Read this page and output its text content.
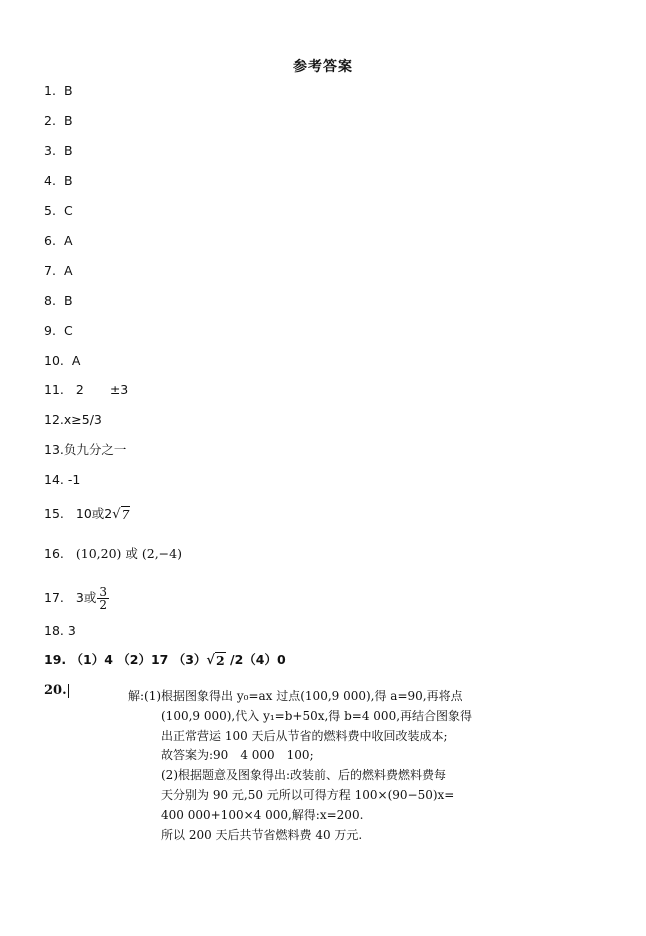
参考答案
1. B
2. B
3. B
4. B
5. C
6. A
7. A
8. B
9. C
10. A
11. 2 ±3
12.x≥5/3
13.负九分之一
14. -1
15. 10或2 √ 7
16. (10,20) 或 (2,−4)
17. 3或 $\frac{3}{2}$
18. 3
19. （1）4 （2）17 （3） √ 2 /2（4）0
20.	解:(1)根据图象得出 y₀=ax 过点(100,9 000),得 a=90,再将点

(100,9 000),代入 y₁=b+50x,得 b=4 000,再结合图象得

出正常营运 100 天后从节省的燃料费中收回改装成本;

故答案为:90　4 000　100;

(2)根据题意及图象得出:改装前、后的燃料费燃料费每

天分别为 90 元,50 元所以可得方程 100×(90−50)x=

400 000+100×4 000,解得:x=200.

所以 200 天后共节省燃料费 40 万元.
